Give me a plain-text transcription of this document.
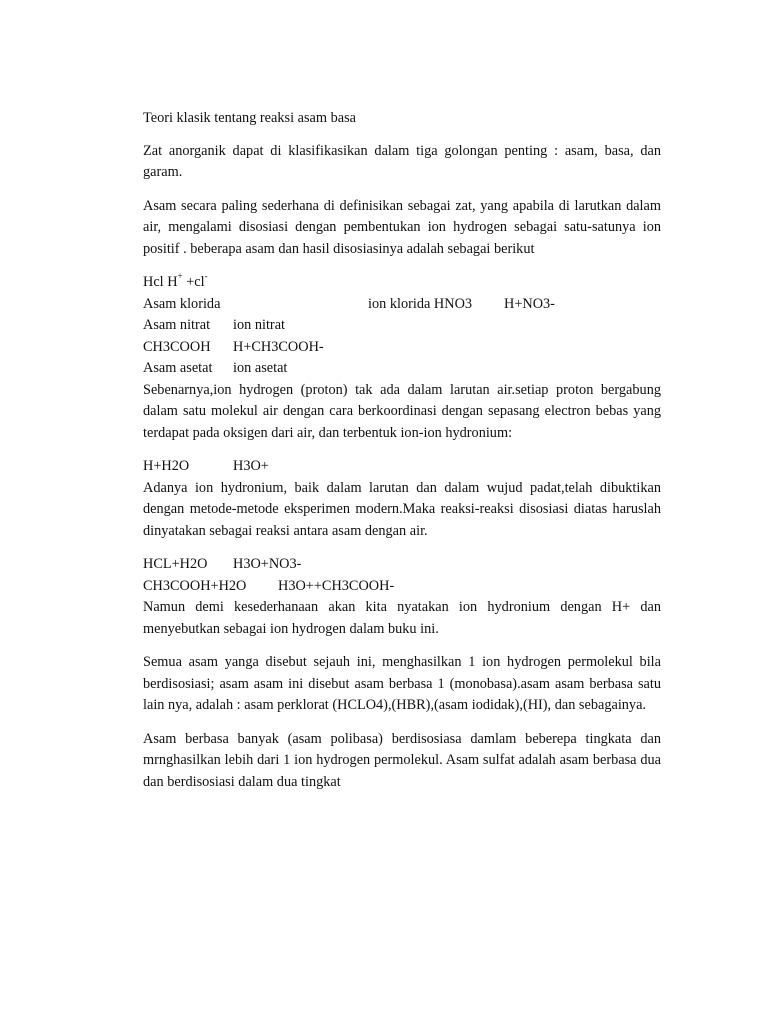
Teori klasik tentang reaksi asam basa

Zat anorganik dapat di klasifikasikan dalam tiga golongan penting : asam, basa, dan garam.

Asam secara paling sederhana di definisikan sebagai zat, yang apabila di larutkan dalam air, mengalami disosiasi dengan pembentukan ion hydrogen sebagai satu-satunya ion positif . beberapa asam dan hasil disosiasinya adalah sebagai berikut

Hcl H+ +cl-

Asam klorida	ion klorida HNO3 H+NO3-

Asam nitrat ion nitrat

CH3COOH H+CH3COOH-

Asam asetat ion asetat

Sebenarnya,ion hydrogen (proton) tak ada dalam larutan air.setiap proton bergabung dalam satu molekul air dengan cara berkoordinasi dengan sepasang electron bebas yang terdapat pada oksigen dari air, dan terbentuk ion-ion hydronium:

H+H2O	H3O+

Adanya ion hydronium, baik dalam larutan dan dalam wujud padat,telah dibuktikan dengan metode-metode eksperimen modern.Maka reaksi-reaksi disosiasi diatas haruslah dinyatakan sebagai reaksi antara asam dengan air.

HCL+H2O H3O+NO3-

CH3COOH+H2O H3O++CH3COOH-

Namun demi kesederhanaan akan kita nyatakan ion hydronium dengan H+ dan menyebutkan sebagai ion hydrogen dalam buku ini.

Semua asam yanga disebut sejauh ini, menghasilkan 1 ion hydrogen permolekul bila berdisosiasi; asam asam ini disebut asam berbasa 1 (monobasa).asam asam berbasa satu lain nya, adalah : asam perklorat (HCLO4),(HBR),(asam iodidak),(HI), dan sebagainya.

Asam berbasa banyak (asam polibasa) berdisosiasa damlam beberepa tingkata dan mrnghasilkan lebih dari 1 ion hydrogen permolekul. Asam sulfat adalah asam berbasa dua dan berdisosiasi dalam dua tingkat
